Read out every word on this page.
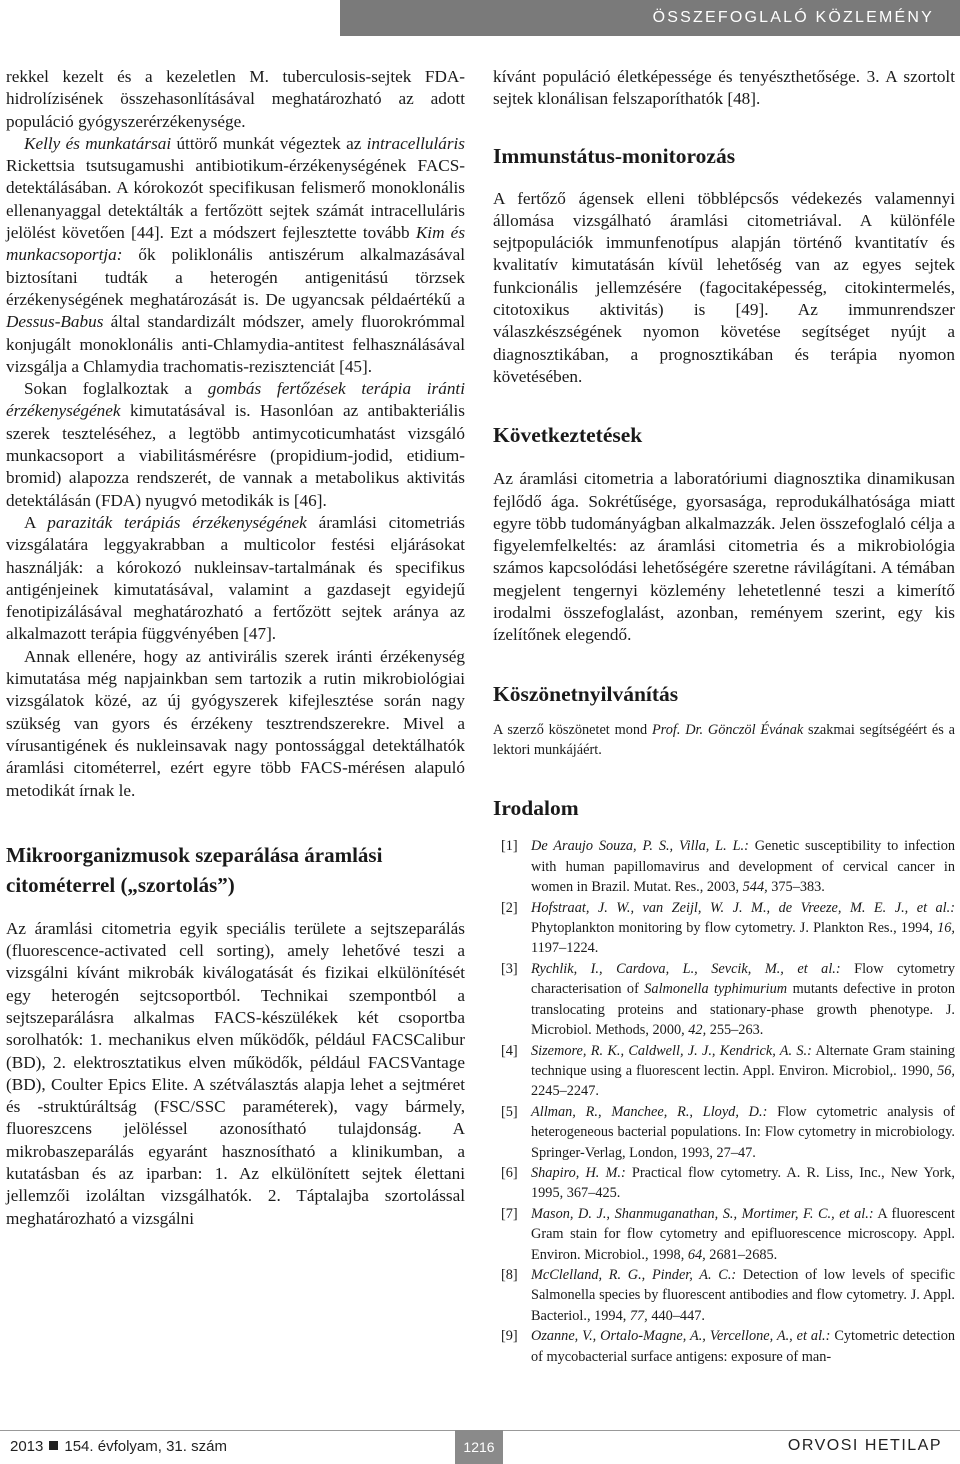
ÖSSZEFOGLALÓ KÖZLEMÉNY

rekkel kezelt és a kezeletlen M. tuberculosis-sejtek FDA-hidrolízisének összehasonlításával meghatározható az adott populáció gyógyszerérzékenysége.

Kelly és munkatársai úttörő munkát végeztek az intracelluláris Rickettsia tsutsugamushi antibiotikum-érzékenységének FACS-detektálásában. A kórokozót specifikusan felismerő monoklonális ellenanyaggal detektálták a fertőzött sejtek számát intracelluláris jelölést követően [44]. Ezt a módszert fejlesztette tovább Kim és munkacsoportja: ők poliklonális antiszérum alkalmazásával biztosítani tudták a heterogén antigenitású törzsek érzékenységének meghatározását is. De ugyancsak példaértékű a Dessus-Babus által standardizált módszer, amely fluorokrómmal konjugált monoklonális anti-Chlamydia-antitest felhasználásával vizsgálja a Chlamydia trachomatis-rezisztenciát [45].

Sokan foglalkoztak a gombás fertőzések terápia iránti érzékenységének kimutatásával is. Hasonlóan az antibakteriális szerek teszteléséhez, a legtöbb antimycoticumhatást vizsgáló munkacsoport a viabilitásmérésre (propidium-jodid, etidium-bromid) alapozza rendszerét, de vannak a metabolikus aktivitás detektálásán (FDA) nyugvó metodikák is [46].

A paraziták terápiás érzékenységének áramlási citometriás vizsgálatára leggyakrabban a multicolor festési eljárásokat használják: a kórokozó nukleinsav-tartalmának és specifikus antigénjeinek kimutatásával, valamint a gazdasejt egyidejű fenotipizálásával meghatározható a fertőzött sejtek aránya az alkalmazott terápia függvényében [47].

Annak ellenére, hogy az antivirális szerek iránti érzékenység kimutatása még napjainkban sem tartozik a rutin mikrobiológiai vizsgálatok közé, az új gyógyszerek kifejlesztése során nagy szükség van gyors és érzékeny tesztrendszerekre. Mivel a vírusantigének és nukleinsavak nagy pontossággal detektálhatók áramlási citométerrel, ezért egyre több FACS-mérésen alapuló metodikát írnak le.

Mikroorganizmusok szeparálása áramlási citométerrel („szortolás”)

Az áramlási citometria egyik speciális területe a sejtszeparálás (fluorescence-activated cell sorting), amely lehetővé teszi a vizsgálni kívánt mikrobák kiválogatását és fizikai elkülönítését egy heterogén sejtcsoportból. Technikai szempontból a sejtszeparálásra alkalmas FACS-készülékek két csoportba sorolhatók: 1. mechanikus elven működők, például FACSCalibur (BD), 2. elektrosztatikus elven működők, például FACSVantage (BD), Coulter Epics Elite. A szétválasztás alapja lehet a sejtméret és -struktúráltság (FSC/SSC paraméterek), vagy bármely, fluoreszcens jelöléssel azonosítható tulajdonság. A mikrobaszeparálás egyaránt hasznosítható a klinikumban, a kutatásban és az iparban: 1. Az elkülönített sejtek élettani jellemzői izoláltan vizsgálhatók. 2. Táptalajba szortolással meghatározható a vizsgálni

kívánt populáció életképessége és tenyészthetősége. 3. A szortolt sejtek klonálisan felszaporíthatók [48].

Immunstátus-monitorozás

A fertőző ágensek elleni többlépcsős védekezés valamennyi állomása vizsgálható áramlási citometriával. A különféle sejtpopulációk immunfenotípus alapján történő kvantitatív és kvalitatív kimutatásán kívül lehetőség van az egyes sejtek funkcionális jellemzésére (fagocitaképesség, citokintermelés, citotoxikus aktivitás) is [49]. Az immunrendszer válaszkészségének nyomon követése segítséget nyújt a diagnosztikában, a prognosztikában és terápia nyomon követésében.

Következtetések

Az áramlási citometria a laboratóriumi diagnosztika dinamikusan fejlődő ága. Sokrétűsége, gyorsasága, reprodukálhatósága miatt egyre több tudományágban alkalmazzák. Jelen összefoglaló célja a figyelemfelkeltés: az áramlási citometria és a mikrobiológia számos kapcsolódási lehetőségére szeretne rávilágítani. A témában megjelent tengernyi közlemény lehetetlenné teszi a kimerítő irodalmi összefoglalást, azonban, reményem szerint, egy kis ízelítőnek elegendő.

Köszönetnyilvánítás

A szerző köszönetet mond Prof. Dr. Gönczöl Évának szakmai segítségéért és a lektori munkájáért.

Irodalom
[1] De Araujo Souza, P. S., Villa, L. L.: Genetic susceptibility to infection with human papillomavirus and development of cervical cancer in women in Brazil. Mutat. Res., 2003, 544, 375–383.
[2] Hofstraat, J. W., van Zeijl, W. J. M., de Vreeze, M. E. J., et al.: Phytoplankton monitoring by flow cytometry. J. Plankton Res., 1994, 16, 1197–1224.
[3] Rychlik, I., Cardova, L., Sevcik, M., et al.: Flow cytometry characterisation of Salmonella typhimurium mutants defective in proton translocating proteins and stationary-phase growth phenotype. J. Microbiol. Methods, 2000, 42, 255–263.
[4] Sizemore, R. K., Caldwell, J. J., Kendrick, A. S.: Alternate Gram staining technique using a fluorescent lectin. Appl. Environ. Microbiol,. 1990, 56, 2245–2247.
[5] Allman, R., Manchee, R., Lloyd, D.: Flow cytometric analysis of heterogeneous bacterial populations. In: Flow cytometry in microbiology. Springer-Verlag, London, 1993, 27–47.
[6] Shapiro, H. M.: Practical flow cytometry. A. R. Liss, Inc., New York, 1995, 367–425.
[7] Mason, D. J., Shanmuganathan, S., Mortimer, F. C., et al.: A fluorescent Gram stain for flow cytometry and epifluorescence microscopy. Appl. Environ. Microbiol., 1998, 64, 2681–2685.
[8] McClelland, R. G., Pinder, A. C.: Detection of low levels of specific Salmonella species by fluorescent antibodies and flow cytometry. J. Appl. Bacteriol., 1994, 77, 440–447.
[9] Ozanne, V., Ortalo-Magne, A., Vercellone, A., et al.: Cytometric detection of mycobacterial surface antigens: exposure of man-
2013 154. évfolyam, 31. szám	1216	ORVOSI HETILAP
